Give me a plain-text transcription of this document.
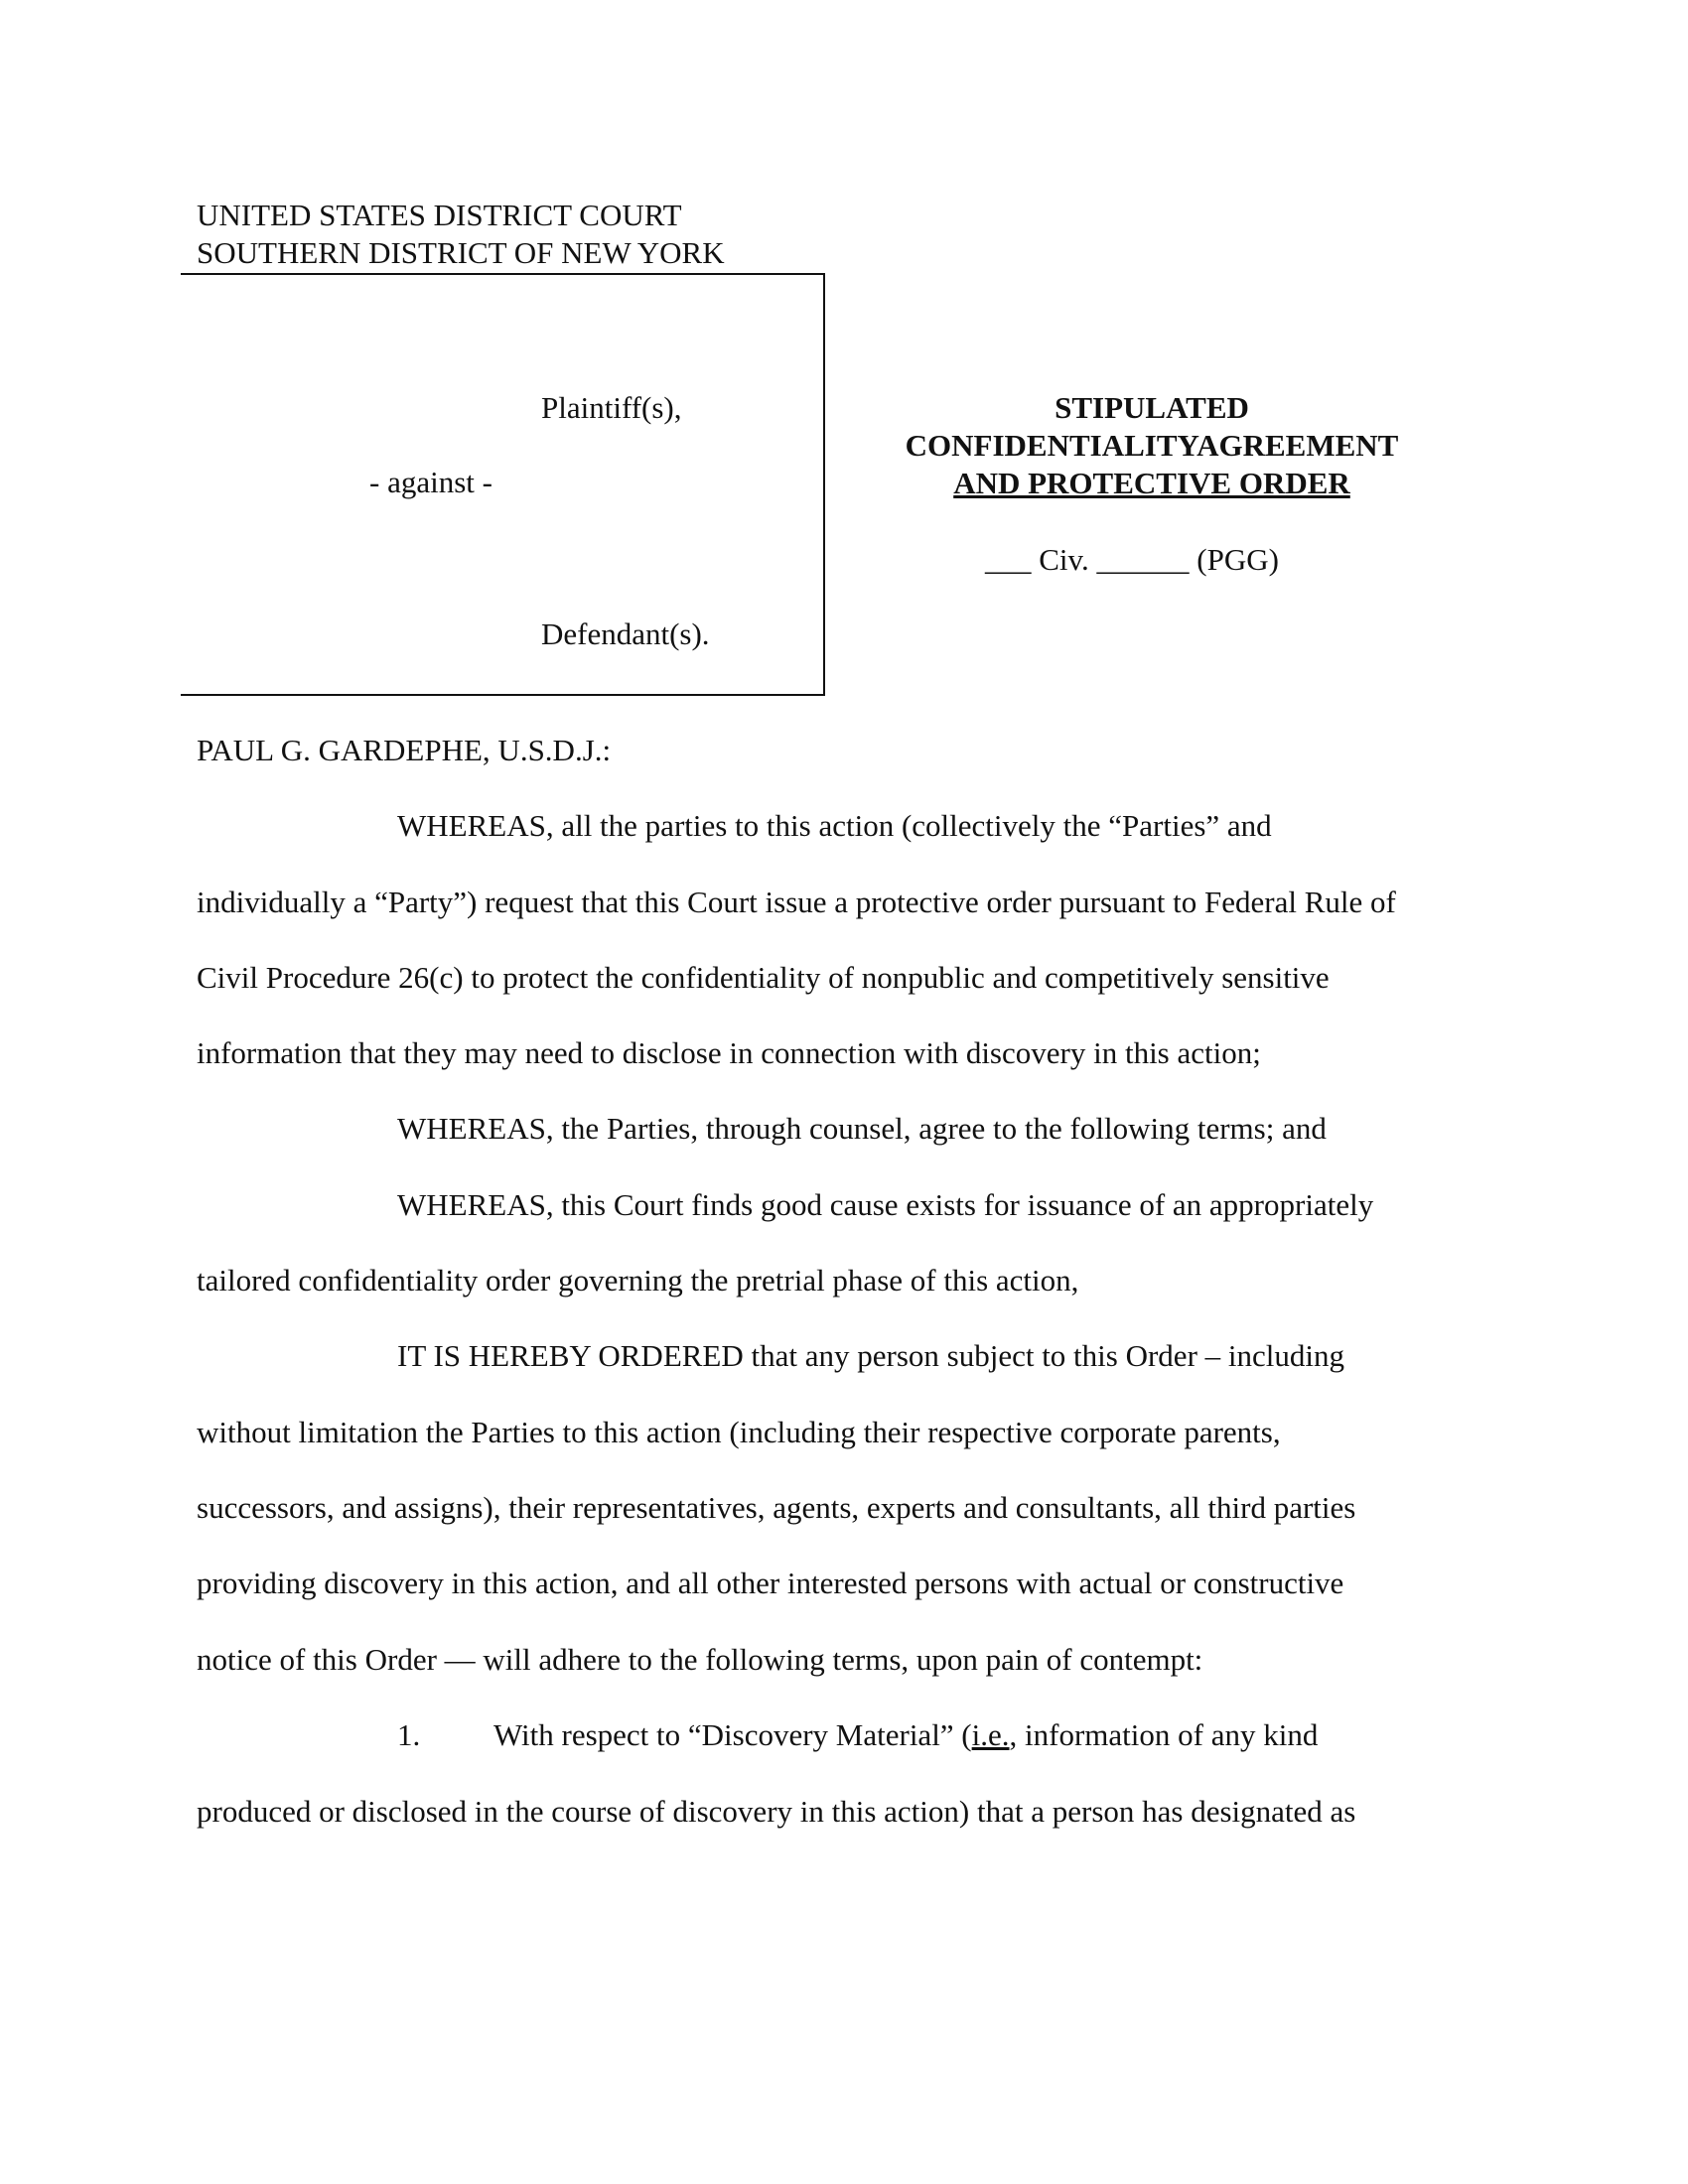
UNITED STATES DISTRICT COURT
SOUTHERN DISTRICT OF NEW YORK
Plaintiff(s),
- against -
Defendant(s).
STIPULATED
CONFIDENTIALITYAGREEMENT
AND PROTECTIVE ORDER
___ Civ. ______ (PGG)
PAUL G. GARDEPHE, U.S.D.J.:
WHEREAS, all the parties to this action (collectively the “Parties” and
individually a “Party”) request that this Court issue a protective order pursuant to Federal Rule of
Civil Procedure 26(c) to protect the confidentiality of nonpublic and competitively sensitive
information that they may need to disclose in connection with discovery in this action;
WHEREAS, the Parties, through counsel, agree to the following terms; and
WHEREAS, this Court finds good cause exists for issuance of an appropriately
tailored confidentiality order governing the pretrial phase of this action,
IT IS HEREBY ORDERED that any person subject to this Order – including
without limitation the Parties to this action (including their respective corporate parents,
successors, and assigns), their representatives, agents, experts and consultants, all third parties
providing discovery in this action, and all other interested persons with actual or constructive
notice of this Order — will adhere to the following terms, upon pain of contempt:
1. With respect to “Discovery Material” (i.e., information of any kind
produced or disclosed in the course of discovery in this action) that a person has designated as
